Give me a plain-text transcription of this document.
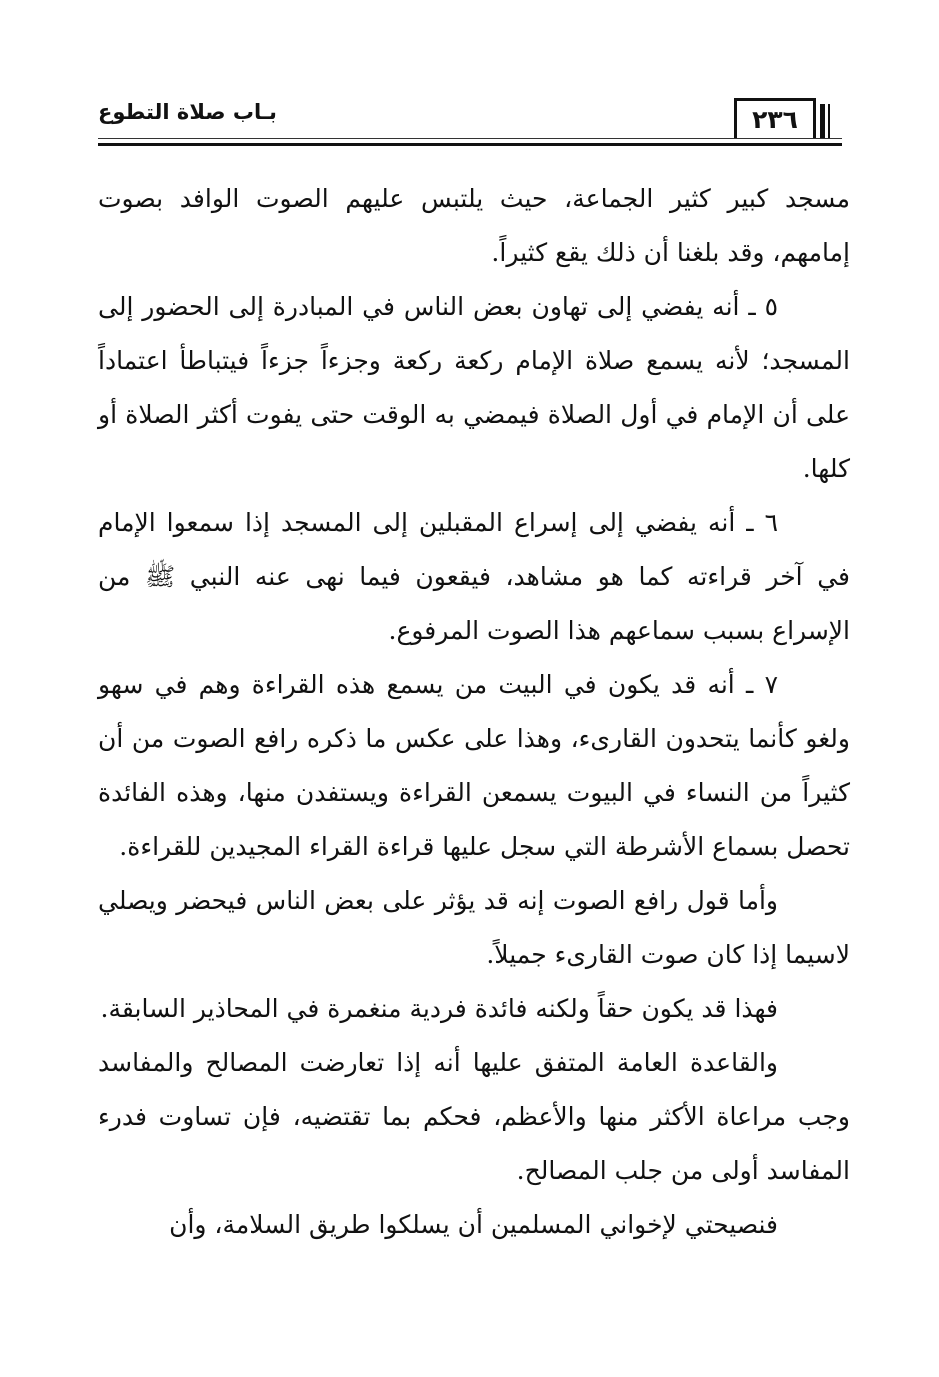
بـاب صلاة التطوع	٢٣٦

مسجد كبير كثير الجماعة، حيث يلتبس عليهم الصوت الوافد بصوت إمامهم، وقد بلغنا أن ذلك يقع كثيراً.

٥ ـ أنه يفضي إلى تهاون بعض الناس في المبادرة إلى الحضور إلى المسجد؛ لأنه يسمع صلاة الإمام ركعة ركعة وجزءاً جزءاً فيتباطأ اعتماداً على أن الإمام في أول الصلاة فيمضي به الوقت حتى يفوت أكثر الصلاة أو كلها.

٦ ـ أنه يفضي إلى إسراع المقبلين إلى المسجد إذا سمعوا الإمام في آخر قراءته كما هو مشاهد، فيقعون فيما نهى عنه النبي ﷺ من الإسراع بسبب سماعهم هذا الصوت المرفوع.

٧ ـ أنه قد يكون في البيت من يسمع هذه القراءة وهم في سهو ولغو كأنما يتحدون القارىء، وهذا على عكس ما ذكره رافع الصوت من أن كثيراً من النساء في البيوت يسمعن القراءة ويستفدن منها، وهذه الفائدة تحصل بسماع الأشرطة التي سجل عليها قراءة القراء المجيدين للقراءة.

وأما قول رافع الصوت إنه قد يؤثر على بعض الناس فيحضر ويصلي لاسيما إذا كان صوت القارىء جميلاً.

فهذا قد يكون حقاً ولكنه فائدة فردية منغمرة في المحاذير السابقة.

والقاعدة العامة المتفق عليها أنه إذا تعارضت المصالح والمفاسد وجب مراعاة الأكثر منها والأعظم، فحكم بما تقتضيه، فإن تساوت فدرء المفاسد أولى من جلب المصالح.

فنصيحتي لإخواني المسلمين أن يسلكوا طريق السلامة، وأن
